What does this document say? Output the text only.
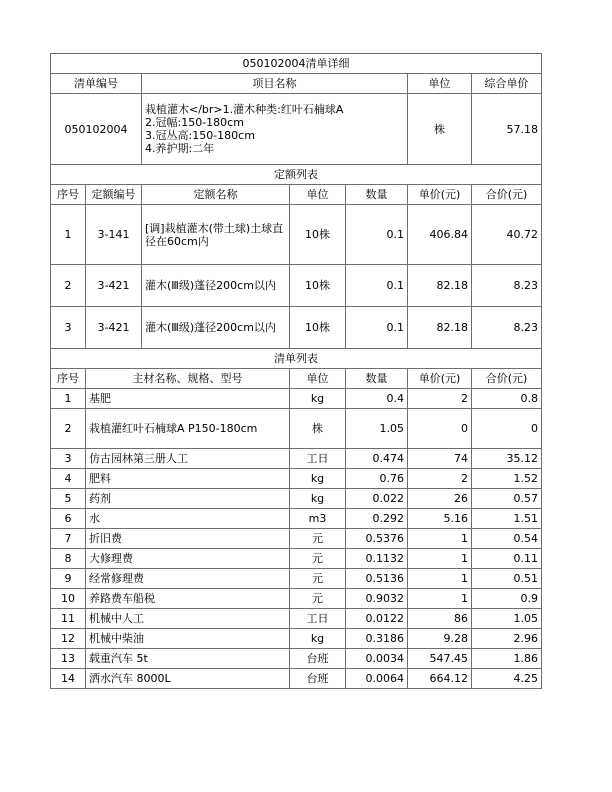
050102004清单详细						
清单编号		项目名称			单位	综合单价
050102004		栽植灌木</br>1.灌木种类:红叶石楠球A
2.冠幅:150-180cm
3.冠丛高:150-180cm
4.养护期:二年			株	57.18
定额列表						
序号	定额编号	定额名称	单位	数量	单价(元)	合价(元)
1	3-141	[调]栽植灌木(带土球)土球直径在60cm内	10株	0.1	406.84	40.72
2	3-421	灌木(Ⅲ级)蓬径200cm以内	10株	0.1	82.18	8.23
3	3-421	灌木(Ⅲ级)蓬径200cm以内	10株	0.1	82.18	8.23
清单列表						
序号	主材名称、规格、型号		单位	数量	单价(元)	合价(元)
1	基肥		kg	0.4	2	0.8
2	栽植灌红叶石楠球A P150-180cm		株	1.05	0	0
3	仿古园林第三册人工		工日	0.474	74	35.12
4	肥料		kg	0.76	2	1.52
5	药剂		kg	0.022	26	0.57
6	水		m3	0.292	5.16	1.51
7	折旧费		元	0.5376	1	0.54
8	大修理费		元	0.1132	1	0.11
9	经常修理费		元	0.5136	1	0.51
10	养路费车船税		元	0.9032	1	0.9
11	机械中人工		工日	0.0122	86	1.05
12	机械中柴油		kg	0.3186	9.28	2.96
13	载重汽车 5t		台班	0.0034	547.45	1.86
14	洒水汽车 8000L		台班	0.0064	664.12	4.25
